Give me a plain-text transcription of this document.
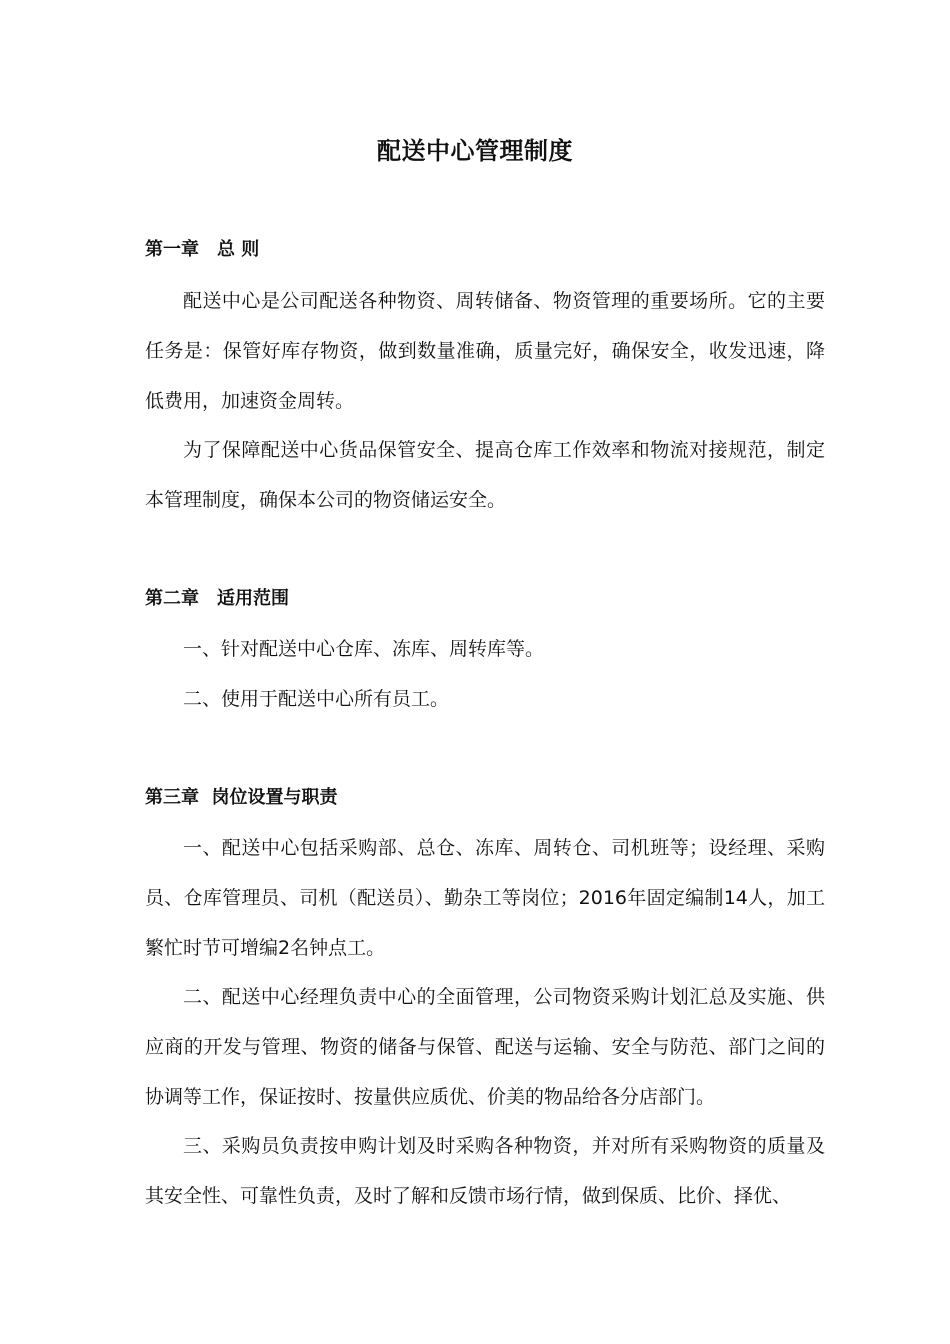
配送中心管理制度
第一章　总 则

配送中心是公司配送各种物资、周转储备、物资管理的重要场所。它的主要任务是：保管好库存物资，做到数量准确，质量完好，确保安全，收发迅速，降低费用，加速资金周转。

为了保障配送中心货品保管安全、提高仓库工作效率和物流对接规范，制定本管理制度，确保本公司的物资储运安全。

第二章　适用范围

一、针对配送中心仓库、冻库、周转库等。

二、使用于配送中心所有员工。

第三章  岗位设置与职责

一、配送中心包括采购部、总仓、冻库、周转仓、司机班等；设经理、采购员、仓库管理员、司机（配送员）、勤杂工等岗位；2016年固定编制14人，加工繁忙时节可增编2名钟点工。

二、配送中心经理负责中心的全面管理，公司物资采购计划汇总及实施、供应商的开发与管理、物资的储备与保管、配送与运输、安全与防范、部门之间的协调等工作，保证按时、按量供应质优、价美的物品给各分店部门。

三、采购员负责按申购计划及时采购各种物资，并对所有采购物资的质量及其安全性、可靠性负责，及时了解和反馈市场行情，做到保质、比价、择优、
